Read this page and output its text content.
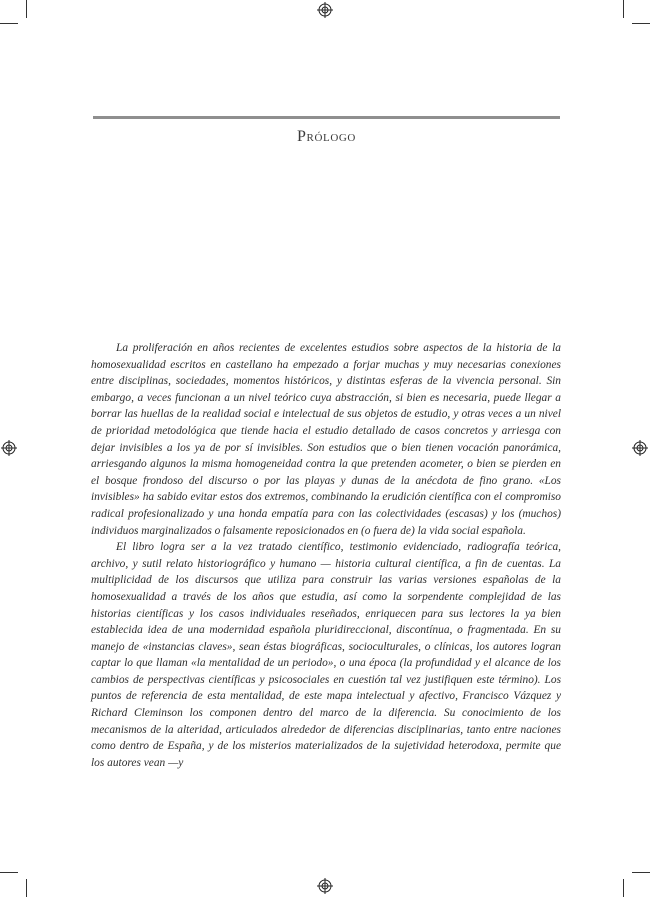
Prólogo

La proliferación en años recientes de excelentes estudios sobre aspectos de la historia de la homosexualidad escritos en castellano ha empezado a forjar muchas y muy necesarias conexiones entre disciplinas, sociedades, momentos históricos, y distintas esferas de la vivencia personal. Sin embargo, a veces funcionan a un nivel teórico cuya abstracción, si bien es necesaria, puede llegar a borrar las huellas de la realidad social e intelectual de sus objetos de estudio, y otras veces a un nivel de prioridad metodológica que tiende hacia el estudio detallado de casos concretos y arriesga con dejar invisibles a los ya de por sí invisibles. Son estudios que o bien tienen vocación panorámica, arriesgando algunos la misma homogeneidad contra la que pretenden acometer, o bien se pierden en el bosque frondoso del discurso o por las playas y dunas de la anécdota de fino grano. «Los invisibles» ha sabido evitar estos dos extremos, combinando la erudición científica con el compromiso radical profesionalizado y una honda empatía para con las colectividades (escasas) y los (muchos) individuos marginalizados o falsamente reposicionados en (o fuera de) la vida social española.

El libro logra ser a la vez tratado científico, testimonio evidenciado, radiografía teórica, archivo, y sutil relato historiográfico y humano — historia cultural científica, a fin de cuentas. La multiplicidad de los discursos que utiliza para construir las varias versiones españolas de la homosexualidad a través de los años que estudia, así como la sorpendente complejidad de las historias científicas y los casos individuales reseñados, enriquecen para sus lectores la ya bien establecida idea de una modernidad española pluridireccional, discontínua, o fragmentada. En su manejo de «instancias claves», sean éstas biográficas, socioculturales, o clínicas, los autores logran captar lo que llaman «la mentalidad de un periodo», o una época (la profundidad y el alcance de los cambios de perspectivas científicas y psicosociales en cuestión tal vez justifiquen este término). Los puntos de referencia de esta mentalidad, de este mapa intelectual y afectivo, Francisco Vázquez y Richard Cleminson los componen dentro del marco de la diferencia. Su conocimiento de los mecanismos de la alteridad, articulados alrededor de diferencias disciplinarias, tanto entre naciones como dentro de España, y de los misterios materializados de la sujetividad heterodoxa, permite que los autores vean —y
